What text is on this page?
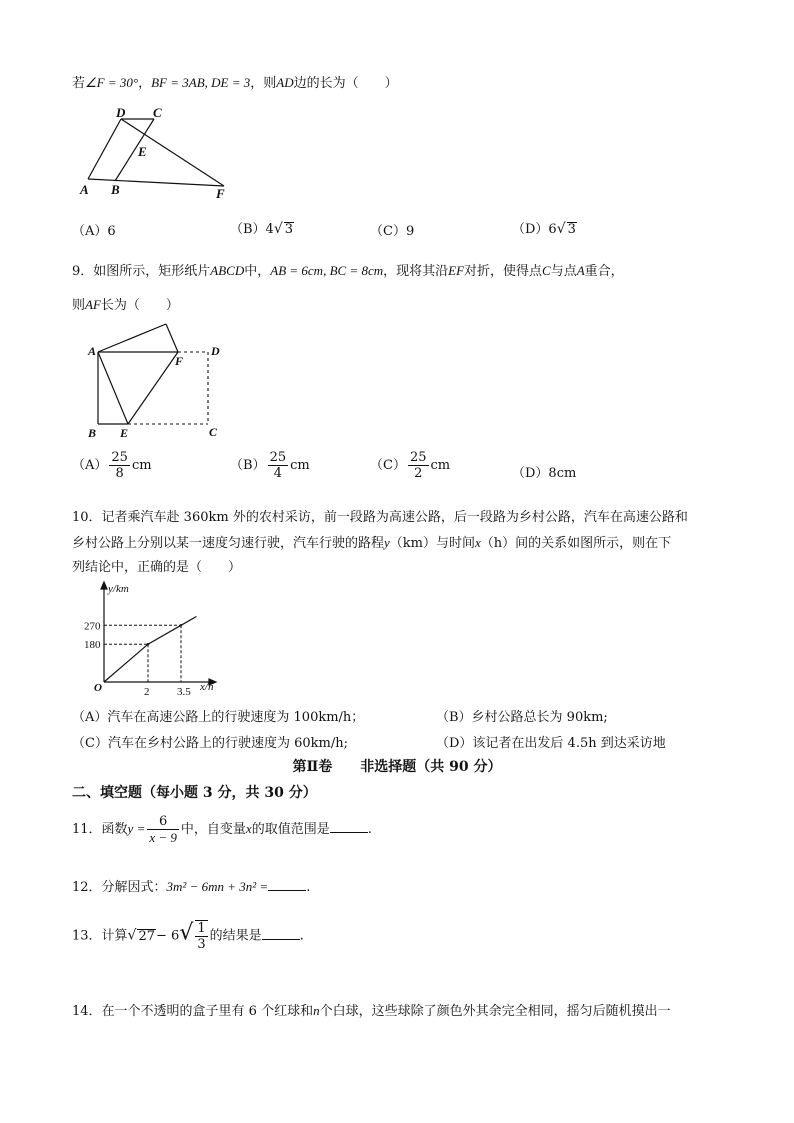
若∠F = 30°，BF = 3AB, DE = 3，则AD边的长为（　　）
D C
E
A B	F
（A）6	（B）4√ 3	（C）9	（D）6√ 3
9．如图所示，矩形纸片ABCD中，AB = 6cm, BC = 8cm，现将其沿EF对折，使得点C与点A重合，
则AF长为（　　）
A
F
D
B E	C
$(A) \frac{25}{8}$ cm	$(B) \frac{25}{4}$ cm	$(C) \frac{25}{2}$ cm
（D）8cm
10．记者乘汽车赴 360km 外的农村采访，前一段路为高速公路，后一段路为乡村公路，汽车在高速公路和
乡村公路上分别以某一速度匀速行驶，汽车行驶的路程y（km）与时间x（h）间的关系如图所示，则在下
列结论中，正确的是（　　）
2
180
3.5
270
y/km
x/h
O
（A）汽车在高速公路上的行驶速度为 100km/h；	（B）乡村公路总长为 90km;
（C）汽车在乡村公路上的行驶速度为 60km/h;	（D）该记者在出发后 4.5h 到达采访地
第Ⅱ卷　　非选择题（共 90 分）
二、填空题（每小题 3 分，共 30 分）
11．函数$y = \frac{6}{x - 9}$ 中，自变量x的取值范围是	.
12．分解因式：3m² − 6mn + 3n² =	.
13．计算√ $27- 6√ \frac{1}{3}$ 的结果是	.
14．在一个不透明的盒子里有 6 个红球和n个白球，这些球除了颜色外其余完全相同，摇匀后随机摸出一
